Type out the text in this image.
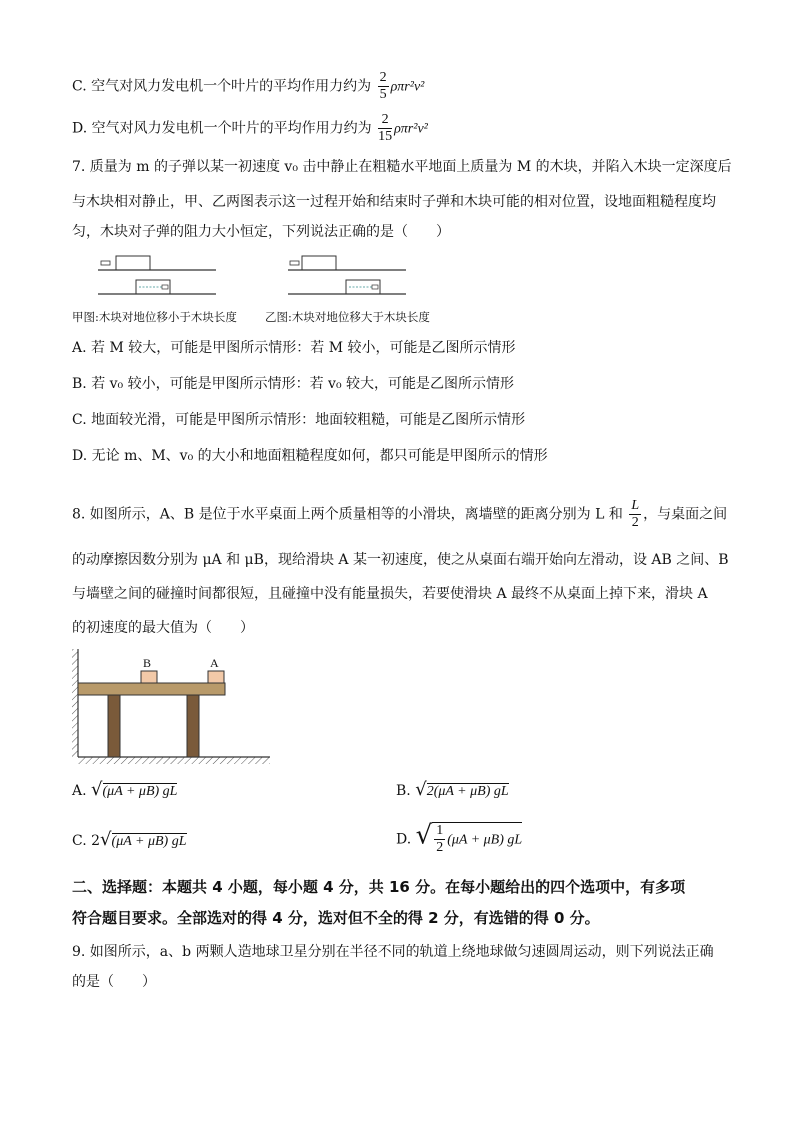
C. 空气对风力发电机一个叶片的平均作用力约为 $\frac{2}{5} \rho\pi r^2v^2$
D. 空气对风力发电机一个叶片的平均作用力约为 $\frac{2}{15} \rho\pi r^2v^2$
7. 质量为 m 的子弹以某一初速度 v₀ 击中静止在粗糙水平地面上质量为 M 的木块，并陷入木块一定深度后
与木块相对静止，甲、乙两图表示这一过程开始和结束时子弹和木块可能的相对位置，设地面粗糙程度均
匀，木块对子弹的阻力大小恒定，下列说法正确的是（　　）
甲图:木块对地位移小于木块长度 乙图:木块对地位移大于木块长度
A. 若 M 较大，可能是甲图所示情形：若 M 较小，可能是乙图所示情形
B. 若 v₀ 较小，可能是甲图所示情形：若 v₀ 较大，可能是乙图所示情形
C. 地面较光滑，可能是甲图所示情形：地面较粗糙，可能是乙图所示情形
D. 无论 m、M、v₀ 的大小和地面粗糙程度如何，都只可能是甲图所示的情形
8. 如图所示，A、B 是位于水平桌面上两个质量相等的小滑块，离墙壁的距离分别为 L 和 $\frac{L}{2}$ ，与桌面之间
的动摩擦因数分别为 μA 和 μB，现给滑块 A 某一初速度，使之从桌面右端开始向左滑动，设 AB 之间、B
与墙壁之间的碰撞时间都很短，且碰撞中没有能量损失，若要使滑块 A 最终不从桌面上掉下来，滑块 A
的初速度的最大值为（　　）
B	A
A. √(μA + μB) gL	B. √2(μA + μB) gL
C. 2√(μA + μB) gL	D. √ $\frac{1}{2} (\mu A + \mu B)$ gL
二、选择题：本题共 4 小题，每小题 4 分，共 16 分。在每小题给出的四个选项中，有多项
符合题目要求。全部选对的得 4 分，选对但不全的得 2 分，有选错的得 0 分。
9. 如图所示，a、b 两颗人造地球卫星分别在半径不同的轨道上绕地球做匀速圆周运动，则下列说法正确
的是（　　）
